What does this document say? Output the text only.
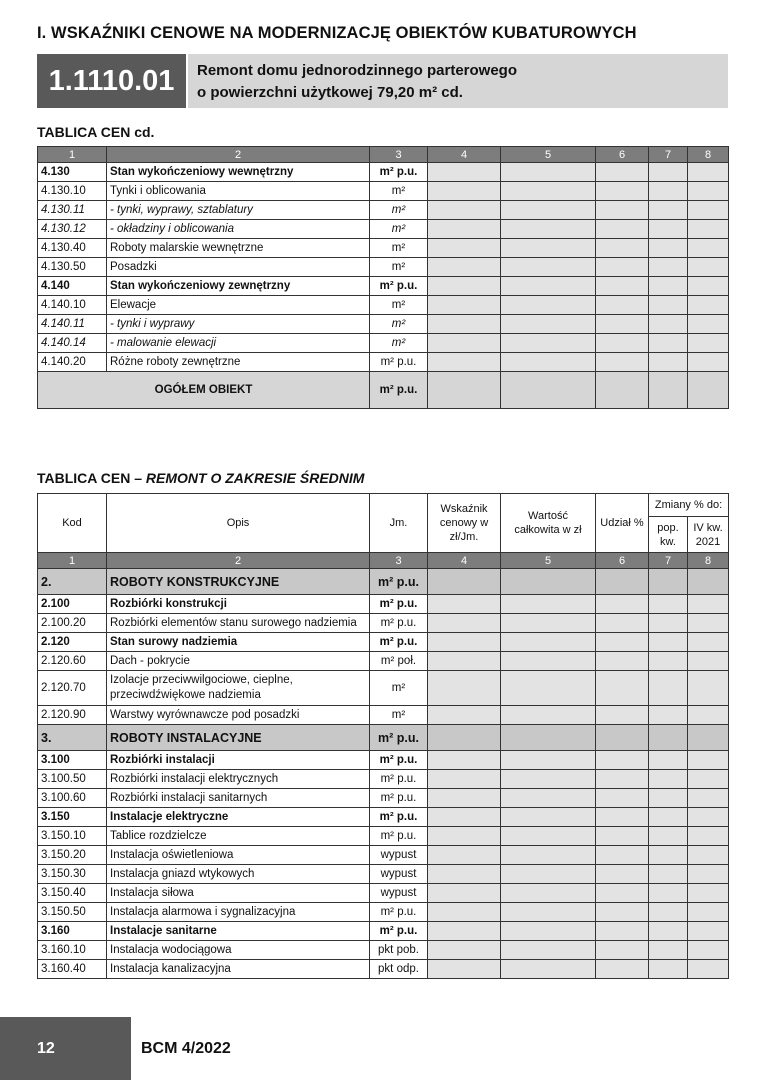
I. WSKAŹNIKI CENOWE NA MODERNIZACJĘ OBIEKTÓW KUBATUROWYCH
1.1110.01	Remont domu jednorodzinnego parterowego
o powierzchni użytkowej 79,20 m² cd.
TABLICA CEN cd.
1	2	3	4	5	6	7	8
4.130	Stan wykończeniowy wewnętrzny	m² p.u.					
4.130.10	Tynki i oblicowania	m²					
4.130.11	- tynki, wyprawy, sztablatury	m²					
4.130.12	- okładziny i oblicowania	m²					
4.130.40	Roboty malarskie wewnętrzne	m²					
4.130.50	Posadzki	m²					
4.140	Stan wykończeniowy zewnętrzny	m² p.u.					
4.140.10	Elewacje	m²					
4.140.11	- tynki i wyprawy	m²					
4.140.14	- malowanie elewacji	m²					
4.140.20	Różne roboty zewnętrzne	m² p.u.					
OGÓŁEM OBIEKT		m² p.u.					
TABLICA CEN – REMONT O ZAKRESIE ŚREDNIM
Kod	Opis	Jm.	Wskaźnik cenowy w zł/Jm.	Wartość całkowita w zł	Udział %	Zmiany % do:	
						pop. kw.	IV kw. 2021
1	2	3	4	5	6	7	8
2.	ROBOTY KONSTRUKCYJNE	m² p.u.					
2.100	Rozbiórki konstrukcji	m² p.u.					
2.100.20	Rozbiórki elementów stanu surowego nadziemia	m² p.u.					
2.120	Stan surowy nadziemia	m² p.u.					
2.120.60	Dach - pokrycie	m² poł.					
2.120.70	Izolacje przeciwwilgociowe, cieplne, przeciwdźwiękowe nadziemia	m²					
2.120.90	Warstwy wyrównawcze pod posadzki	m²					
3.	ROBOTY INSTALACYJNE	m² p.u.					
3.100	Rozbiórki instalacji	m² p.u.					
3.100.50	Rozbiórki instalacji elektrycznych	m² p.u.					
3.100.60	Rozbiórki instalacji sanitarnych	m² p.u.					
3.150	Instalacje elektryczne	m² p.u.					
3.150.10	Tablice rozdzielcze	m² p.u.					
3.150.20	Instalacja oświetleniowa	wypust					
3.150.30	Instalacja gniazd wtykowych	wypust					
3.150.40	Instalacja siłowa	wypust					
3.150.50	Instalacja alarmowa i sygnalizacyjna	m² p.u.					
3.160	Instalacje sanitarne	m² p.u.					
3.160.10	Instalacja wodociągowa	pkt pob.					
3.160.40	Instalacja kanalizacyjna	pkt odp.					
12	BCM 4/2022
